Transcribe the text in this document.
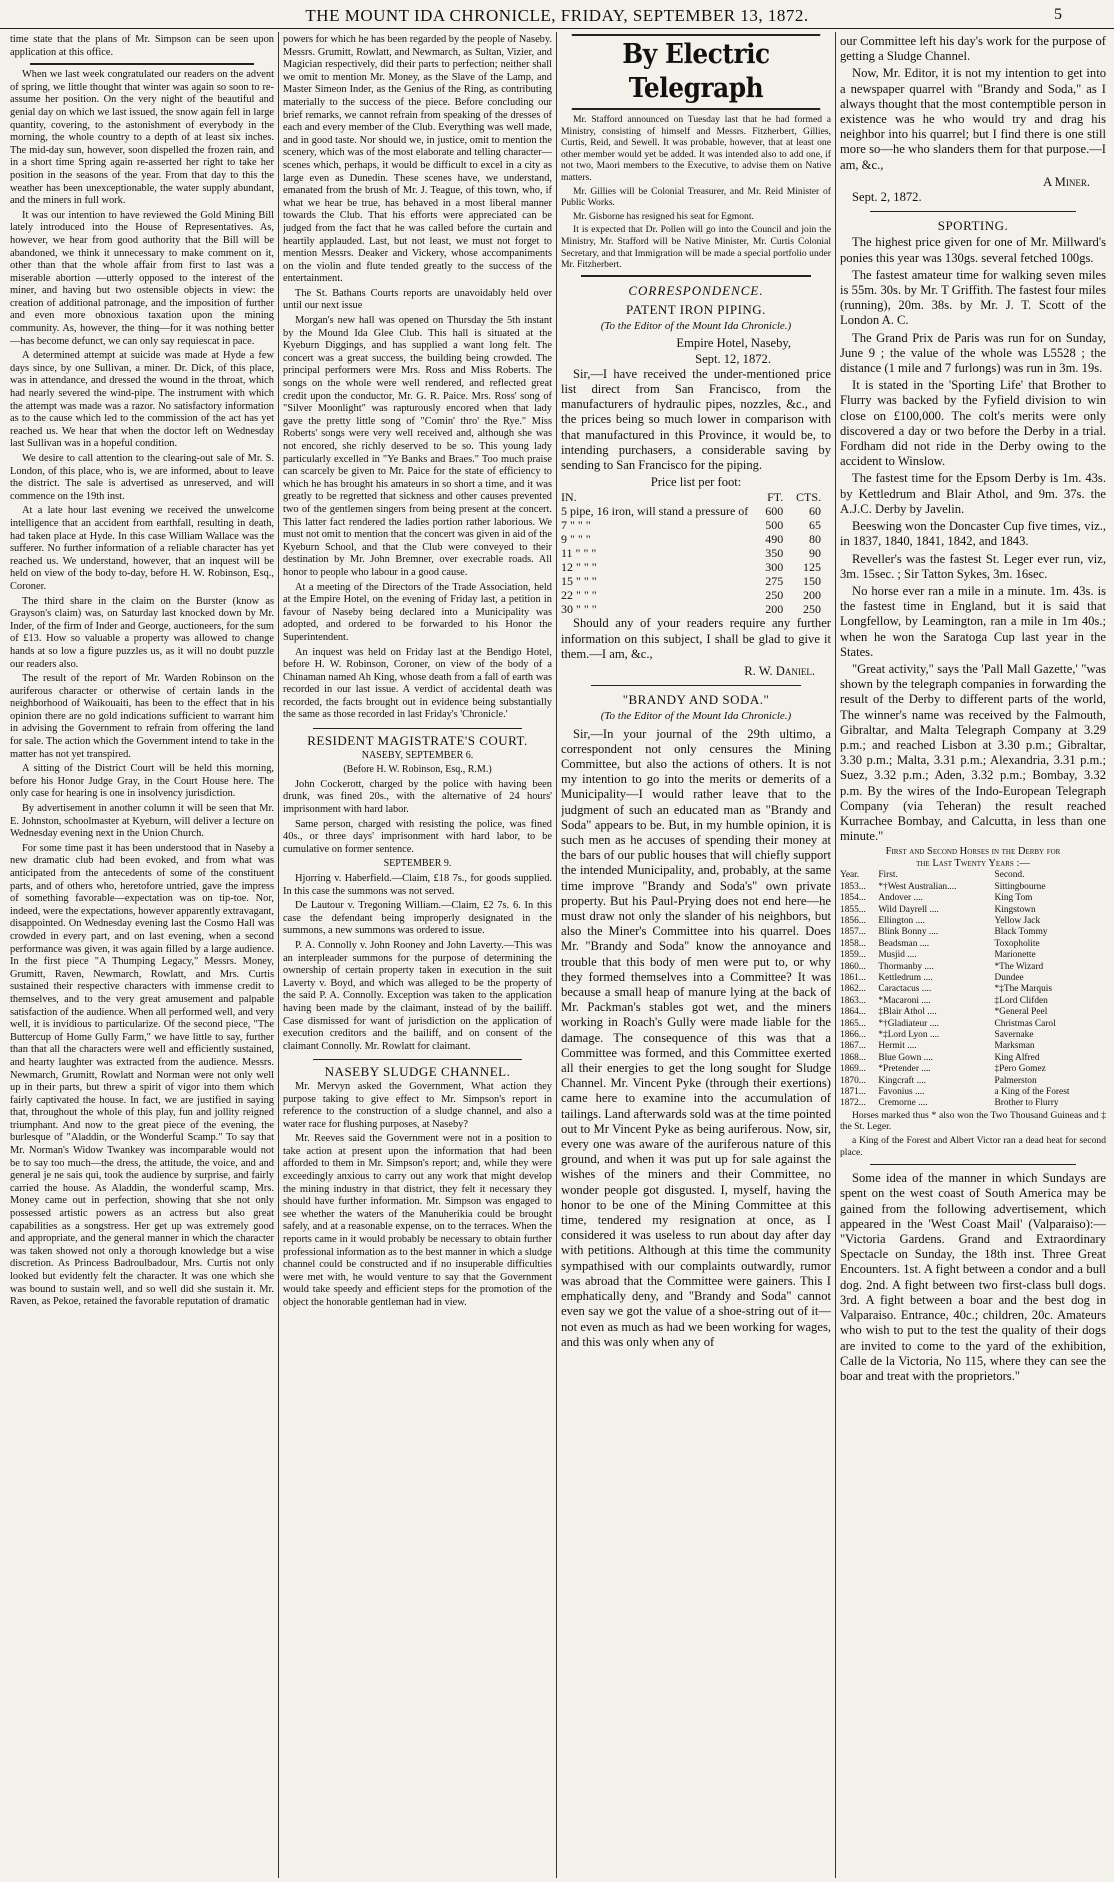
THE MOUNT IDA CHRONICLE, FRIDAY, SEPTEMBER 13, 1872.	5

time state that the plans of Mr. Simpson can be seen upon application at this office.

When we last week congratulated our readers on the advent of spring, we little thought that winter was again so soon to re-assume her position. On the very night of the beautiful and genial day on which we last issued, the snow again fell in large quantity, covering, to the astonishment of everybody in the morning, the whole country to a depth of at least six inches. The mid-day sun, however, soon dispelled the frozen rain, and in a short time Spring again re-asserted her right to take her position in the seasons of the year. From that day to this the weather has been unexceptionable, the water supply abundant, and the miners in full work.

It was our intention to have reviewed the Gold Mining Bill lately introduced into the House of Representatives. As, however, we hear from good authority that the Bill will be abandoned, we think it unnecessary to make comment on it, other than that the whole affair from first to last was a miserable abortion —utterly opposed to the interest of the miner, and having but two ostensible objects in view: the creation of additional patronage, and the imposition of further and even more obnoxious taxation upon the mining community. As, however, the thing—for it was nothing better—has become defunct, we can only say requiescat in pace.

A determined attempt at suicide was made at Hyde a few days since, by one Sullivan, a miner. Dr. Dick, of this place, was in attendance, and dressed the wound in the throat, which had nearly severed the wind-pipe. The instrument with which the attempt was made was a razor. No satisfactory information as to the cause which led to the commission of the act has yet reached us. We hear that when the doctor left on Wednesday last Sullivan was in a hopeful condition.

We desire to call attention to the clearing-out sale of Mr. S. London, of this place, who is, we are informed, about to leave the district. The sale is advertised as unreserved, and will commence on the 19th inst.

At a late hour last evening we received the unwelcome intelligence that an accident from earthfall, resulting in death, had taken place at Hyde. In this case William Wallace was the sufferer. No further information of a reliable character has yet reached us. We understand, however, that an inquest will be held on view of the body to-day, before H. W. Robinson, Esq., Coroner.

The third share in the claim on the Burster (know as Grayson's claim) was, on Saturday last knocked down by Mr. Inder, of the firm of Inder and George, auctioneers, for the sum of £13. How so valuable a property was allowed to change hands at so low a figure puzzles us, as it will no doubt puzzle our readers also.

The result of the report of Mr. Warden Robinson on the auriferous character or otherwise of certain lands in the neighborhood of Waikouaiti, has been to the effect that in his opinion there are no gold indications sufficient to warrant him in advising the Government to refrain from offering the land for sale. The action which the Government intend to take in the matter has not yet transpired.

A sitting of the District Court will be held this morning, before his Honor Judge Gray, in the Court House here. The only case for hearing is one in insolvency jurisdiction.

By advertisement in another column it will be seen that Mr. E. Johnston, schoolmaster at Kyeburn, will deliver a lecture on Wednesday evening next in the Union Church.

For some time past it has been understood that in Naseby a new dramatic club had been evoked, and from what was anticipated from the antecedents of some of the constituent parts, and of others who, heretofore untried, gave the impress of something favorable—expectation was on tip-toe. Nor, indeed, were the expectations, however apparently extravagant, disappointed. On Wednesday evening last the Cosmo Hall was crowded in every part, and on last evening, when a second performance was given, it was again filled by a large audience. In the first piece "A Thumping Legacy," Messrs. Money, Grumitt, Raven, Newmarch, Rowlatt, and Mrs. Curtis sustained their respective characters with immense credit to themselves, and to the very great amusement and palpable satisfaction of the audience. When all performed well, and very well, it is invidious to particularize. Of the second piece, "The Buttercup of Home Gully Farm," we have little to say, further than that all the characters were well and efficiently sustained, and hearty laughter was extracted from the audience. Messrs. Newmarch, Grumitt, Rowlatt and Norman were not only well up in their parts, but threw a spirit of vigor into them which fairly captivated the house. In fact, we are justified in saying that, throughout the whole of this play, fun and jollity reigned triumphant. And now to the great piece of the evening, the burlesque of "Aladdin, or the Wonderful Scamp." To say that Mr. Norman's Widow Twankey was incomparable would not be to say too much—the dress, the attitude, the voice, and and general je ne sais qui, took the audience by surprise, and fairly carried the house. As Aladdin, the wonderful scamp, Mrs. Money came out in perfection, showing that she not only possessed artistic powers as an actress but also great capabilities as a songstress. Her get up was extremely good and appropriate, and the general manner in which the character was taken showed not only a thorough knowledge but a wise discretion. As Princess Badroulbadour, Mrs. Curtis not only looked but evidently felt the character. It was one which she was bound to sustain well, and so well did she sustain it. Mr. Raven, as Pekoe, retained the favorable reputation of dramatic

powers for which he has been regarded by the people of Naseby. Messrs. Grumitt, Rowlatt, and Newmarch, as Sultan, Vizier, and Magician respectively, did their parts to perfection; neither shall we omit to mention Mr. Money, as the Slave of the Lamp, and Master Simeon Inder, as the Genius of the Ring, as contributing materially to the success of the piece. Before concluding our brief remarks, we cannot refrain from speaking of the dresses of each and every member of the Club. Everything was well made, and in good taste. Nor should we, in justice, omit to mention the scenery, which was of the most elaborate and telling character—scenes which, perhaps, it would be difficult to excel in a city as large even as Dunedin. These scenes have, we understand, emanated from the brush of Mr. J. Teague, of this town, who, if what we hear be true, has behaved in a most liberal manner towards the Club. That his efforts were appreciated can be judged from the fact that he was called before the curtain and heartily applauded. Last, but not least, we must not forget to mention Messrs. Deaker and Vickery, whose accompaniments on the violin and flute tended greatly to the success of the entertainment.

The St. Bathans Courts reports are unavoidably held over until our next issue

Morgan's new hall was opened on Thursday the 5th instant by the Mound Ida Glee Club. This hall is situated at the Kyeburn Diggings, and has supplied a want long felt. The concert was a great success, the building being crowded. The principal performers were Mrs. Ross and Miss Roberts. The songs on the whole were well rendered, and reflected great credit upon the conductor, Mr. G. R. Paice. Mrs. Ross' song of "Silver Moonlight" was rapturously encored when that lady gave the pretty little song of "Comin' thro' the Rye." Miss Roberts' songs were very well received and, although she was not encored, she richly deserved to be so. This young lady particularly excelled in "Ye Banks and Braes." Too much praise can scarcely be given to Mr. Paice for the state of efficiency to which he has brought his amateurs in so short a time, and it was greatly to be regretted that sickness and other causes prevented two of the gentlemen singers from being present at the concert. This latter fact rendered the ladies portion rather laborious. We must not omit to mention that the concert was given in aid of the Kyeburn School, and that the Club were conveyed to their destination by Mr. John Bremner, over execrable roads. All honor to people who labour in a good cause.

At a meeting of the Directors of the Trade Association, held at the Empire Hotel, on the evening of Friday last, a petition in favour of Naseby being declared into a Municipality was adopted, and ordered to be forwarded to his Honor the Superintendent.

An inquest was held on Friday last at the Bendigo Hotel, before H. W. Robinson, Coroner, on view of the body of a Chinaman named Ah King, whose death from a fall of earth was recorded in our last issue. A verdict of accidental death was recorded, the facts brought out in evidence being substantially the same as those recorded in last Friday's 'Chronicle.'

RESIDENT MAGISTRATE'S COURT.
NASEBY, SEPTEMBER 6.
(Before H. W. Robinson, Esq., R.M.)

John Cockerott, charged by the police with having been drunk, was fined 20s., with the alternative of 24 hours' imprisonment with hard labor.

Same person, charged with resisting the police, was fined 40s., or three days' imprisonment with hard labor, to be cumulative on former sentence.

SEPTEMBER 9.

Hjorring v. Haberfield.—Claim, £18 7s., for goods supplied. In this case the summons was not served.

De Lautour v. Tregoning William.—Claim, £2 7s. 6. In this case the defendant being improperly designated in the summons, a new summons was ordered to issue.

P. A. Connolly v. John Rooney and John Laverty.—This was an interpleader summons for the purpose of determining the ownership of certain property taken in execution in the suit Laverty v. Boyd, and which was alleged to be the property of the said P. A. Connolly. Exception was taken to the application having been made by the claimant, instead of by the bailiff. Case dismissed for want of jurisdiction on the application of execution creditors and the bailiff, and on consent of the claimant Connolly. Mr. Rowlatt for claimant.

NASEBY SLUDGE CHANNEL.

Mr. Mervyn asked the Government, What action they purpose taking to give effect to Mr. Simpson's report in reference to the construction of a sludge channel, and also a water race for flushing purposes, at Naseby?

Mr. Reeves said the Government were not in a position to take action at present upon the information that had been afforded to them in Mr. Simpson's report; and, while they were exceedingly anxious to carry out any work that might develop the mining industry in that district, they felt it necessary they should have further information. Mr. Simpson was engaged to see whether the waters of the Manuherikia could be brought safely, and at a reasonable expense, on to the terraces. When the reports came in it would probably be necessary to obtain further professional information as to the best manner in which a sludge channel could be constructed and if no insuperable difficulties were met with, he would venture to say that the Government would take speedy and efficient steps for the promotion of the object the honorable gentleman had in view.

By Electric Telegraph

Mr. Stafford announced on Tuesday last that he had formed a Ministry, consisting of himself and Messrs. Fitzherbert, Gillies, Curtis, Reid, and Sewell. It was probable, however, that at least one other member would yet be added. It was intended also to add one, if not two, Maori members to the Executive, to advise them on Native matters.

Mr. Gillies will be Colonial Treasurer, and Mr. Reid Minister of Public Works.

Mr. Gisborne has resigned his seat for Egmont.

It is expected that Dr. Pollen will go into the Council and join the Ministry, Mr. Stafford will be Native Minister, Mr. Curtis Colonial Secretary, and that Immigration will be made a special portfolio under Mr. Fitzherbert.

CORRESPONDENCE.
PATENT IRON PIPING.
(To the Editor of the Mount Ida Chronicle.)
Empire Hotel, Naseby,
Sept. 12, 1872.

Sir,—I have received the under-mentioned price list direct from San Francisco, from the manufacturers of hydraulic pipes, nozzles, &c., and the prices being so much lower in comparison with that manufactured in this Province, it would be, to intending purchasers, a considerable saving by sending to San Francisco for the piping.

Price list per foot:
IN.	FT.	CTS.
5 pipe, 16 iron, will stand a pressure of	600	60
7 " " "	500	65
9 " " "	490	80
11 " " "	350	90
12 " " "	300	125
15 " " "	275	150
22 " " "	250	200
30 " " "	200	250

Should any of your readers require any further information on this subject, I shall be glad to give it them.—I am, &c.,

R. W. Daniel.
"BRANDY AND SODA."
(To the Editor of the Mount Ida Chronicle.)

Sir,—In your journal of the 29th ultimo, a correspondent not only censures the Mining Committee, but also the actions of others. It is not my intention to go into the merits or demerits of a Municipality—I would rather leave that to the judgment of such an educated man as "Brandy and Soda" appears to be. But, in my humble opinion, it is such men as he accuses of spending their money at the bars of our public houses that will chiefly support the intended Municipality, and, probably, at the same time improve "Brandy and Soda's" own private property. But his Paul-Prying does not end here—he must draw not only the slander of his neighbors, but also the Miner's Committee into his quarrel. Does Mr. "Brandy and Soda" know the annoyance and trouble that this body of men were put to, or why they formed themselves into a Committee? It was because a small heap of manure lying at the back of Mr. Packman's stables got wet, and the miners working in Roach's Gully were made liable for the damage. The consequence of this was that a Committee was formed, and this Committee exerted all their energies to get the long sought for Sludge Channel. Mr. Vincent Pyke (through their exertions) came here to examine into the accumulation of tailings. Land afterwards sold was at the time pointed out to Mr Vincent Pyke as being auriferous. Now, sir, every one was aware of the auriferous nature of this ground, and when it was put up for sale against the wishes of the miners and their Committee, no wonder people got disgusted. I, myself, having the honor to be one of the Mining Committee at this time, tendered my resignation at once, as I considered it was useless to run about day after day with petitions. Although at this time the community sympathised with our complaints outwardly, rumor was abroad that the Committee were gainers. This I emphatically deny, and "Brandy and Soda" cannot even say we got the value of a shoe-string out of it—not even as much as had we been working for wages, and this was only when any of

our Committee left his day's work for the purpose of getting a Sludge Channel.

Now, Mr. Editor, it is not my intention to get into a newspaper quarrel with "Brandy and Soda," as I always thought that the most contemptible person in existence was he who would try and drag his neighbor into his quarrel; but I find there is one still more so—he who slanders them for that purpose.—I am, &c.,

A Miner.
Sept. 2, 1872.
SPORTING.

The highest price given for one of Mr. Millward's ponies this year was 130gs. several fetched 100gs.

The fastest amateur time for walking seven miles is 55m. 30s. by Mr. T Griffith. The fastest four miles (running), 20m. 38s. by Mr. J. T. Scott of the London A. C.

The Grand Prix de Paris was run for on Sunday, June 9 ; the value of the whole was L5528 ; the distance (1 mile and 7 furlongs) was run in 3m. 19s.

It is stated in the 'Sporting Life' that Brother to Flurry was backed by the Fyfield division to win close on £100,000. The colt's merits were only discovered a day or two before the Derby in a trial. Fordham did not ride in the Derby owing to the accident to Winslow.

The fastest time for the Epsom Derby is 1m. 43s. by Kettledrum and Blair Athol, and 9m. 37s. the A.J.C. Derby by Javelin.

Beeswing won the Doncaster Cup five times, viz., in 1837, 1840, 1841, 1842, and 1843.

Reveller's was the fastest St. Leger ever run, viz, 3m. 15sec. ; Sir Tatton Sykes, 3m. 16sec.

No horse ever ran a mile in a minute. 1m. 43s. is the fastest time in England, but it is said that Longfellow, by Leamington, ran a mile in 1m 40s.; when he won the Saratoga Cup last year in the States.

"Great activity," says the 'Pall Mall Gazette,' "was shown by the telegraph companies in forwarding the result of the Derby to different parts of the world, The winner's name was received by the Falmouth, Gibraltar, and Malta Telegraph Company at 3.29 p.m.; and reached Lisbon at 3.30 p.m.; Gibraltar, 3.30 p.m.; Malta, 3.31 p.m.; Alexandria, 3.31 p.m.; Suez, 3.32 p.m.; Aden, 3.32 p.m.; Bombay, 3.32 p.m. By the wires of the Indo-European Telegraph Company (via Teheran) the result reached Kurrachee Bombay, and Calcutta, in less than one minute."

First and Second Horses in the Derby for
the Last Twenty Years :—
Year.	First.	Second.
1853...	*†West Australian....	Sittingbourne
1854...	Andover ....	King Tom
1855...	Wild Dayrell ....	Kingstown
1856...	Ellington ....	Yellow Jack
1857...	Blink Bonny ....	Black Tommy
1858...	Beadsman ....	Toxopholite
1859...	Musjid ....	Marionette
1860...	Thormanby ....	*The Wizard
1861...	Kettledrum ....	Dundee
1862...	Caractacus ....	*‡The Marquis
1863...	*Macaroni ....	‡Lord Clifden
1864...	‡Blair Athol ....	*General Peel
1865...	*†Gladiateur ....	Christmas Carol
1866...	*‡Lord Lyon ....	Savernake
1867...	Hermit ....	Marksman
1868...	Blue Gown ....	King Alfred
1869...	*Pretender ....	‡Pero Gomez
1870...	Kingcraft ....	Palmerston
1871...	Favonius ....	a King of the Forest
1872...	Cremorne ....	Brother to Flurry

Horses marked thus * also won the Two Thousand Guineas and ‡ the St. Leger.

a King of the Forest and Albert Victor ran a dead heat for second place.

Some idea of the manner in which Sundays are spent on the west coast of South America may be gained from the following advertisement, which appeared in the 'West Coast Mail' (Valparaiso):— "Victoria Gardens. Grand and Extraordinary Spectacle on Sunday, the 18th inst. Three Great Encounters. 1st. A fight between a condor and a bull dog. 2nd. A fight between two first-class bull dogs. 3rd. A fight between a boar and the best dog in Valparaiso. Entrance, 40c.; children, 20c. Amateurs who wish to put to the test the quality of their dogs are invited to come to the yard of the exhibition, Calle de la Victoria, No 115, where they can see the boar and treat with the proprietors."
